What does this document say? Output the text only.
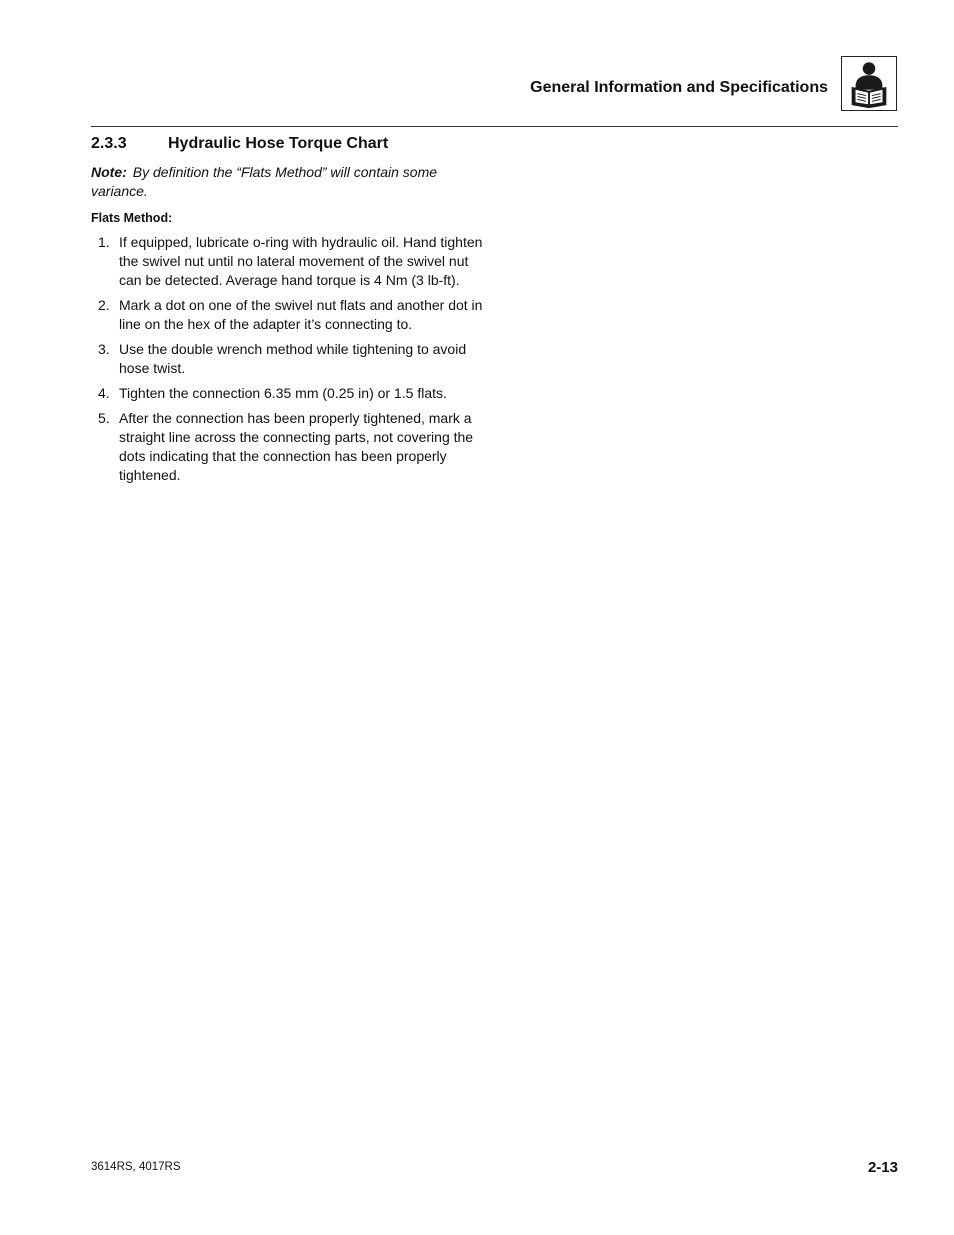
General Information and Specifications
2.3.3	Hydraulic Hose Torque Chart
Note: By definition the “Flats Method” will contain some variance.
Flats Method:
1. If equipped, lubricate o-ring with hydraulic oil. Hand tighten the swivel nut until no lateral movement of the swivel nut can be detected. Average hand torque is 4 Nm (3 lb-ft).
2. Mark a dot on one of the swivel nut flats and another dot in line on the hex of the adapter it’s connecting to.
3. Use the double wrench method while tightening to avoid hose twist.
4. Tighten the connection 6.35 mm (0.25 in) or 1.5 flats.
5. After the connection has been properly tightened, mark a straight line across the connecting parts, not covering the dots indicating that the connection has been properly tightened.
3614RS, 4017RS	2-13
